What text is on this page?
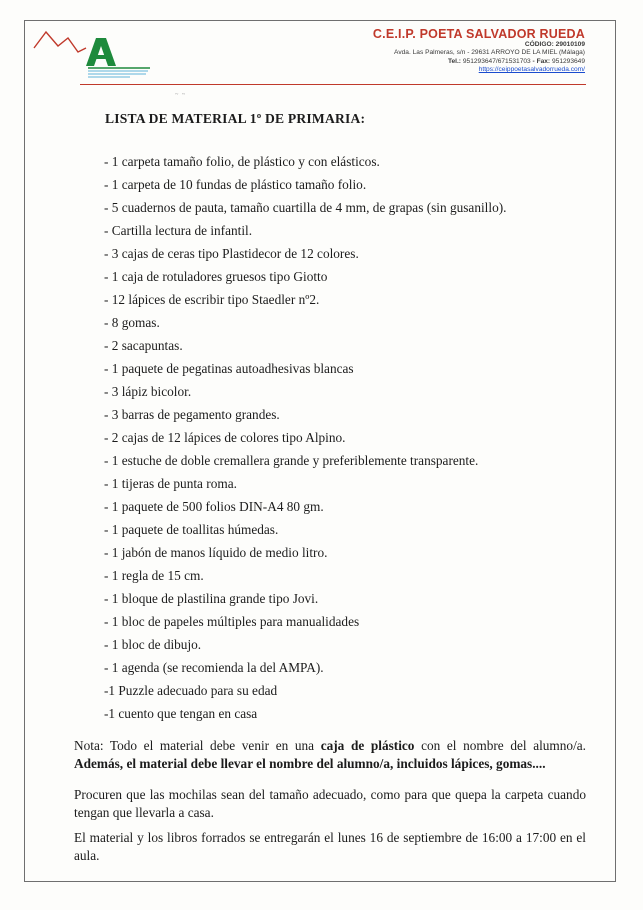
C.E.I.P. POETA SALVADOR RUEDA
CÓDIGO: 29010109
Avda. Las Palmeras, s/n - 29631 ARROYO DE LA MIEL (Málaga)
Tel.: 951293647/671531703 - Fax: 951293649
https://ceippoetasalvadorrueda.com/
~ ~
LISTA DE MATERIAL 1º DE PRIMARIA:
- 1 carpeta tamaño folio, de plástico y con elásticos.
- 1 carpeta de 10 fundas de plástico tamaño folio.
- 5 cuadernos de pauta, tamaño cuartilla de 4 mm, de grapas (sin gusanillo).
- Cartilla lectura de infantil.
- 3 cajas de ceras tipo Plastidecor de 12 colores.
- 1 caja de rotuladores gruesos tipo Giotto
- 12 lápices de escribir tipo Staedler nº2.
- 8 gomas.
- 2 sacapuntas.
- 1 paquete de pegatinas autoadhesivas blancas
- 3 lápiz bicolor.
- 3 barras de pegamento grandes.
- 2 cajas de 12 lápices de colores tipo Alpino.
- 1 estuche de doble cremallera grande y preferiblemente transparente.
- 1 tijeras de punta roma.
- 1 paquete de 500 folios DIN-A4 80 gm.
- 1 paquete de toallitas húmedas.
- 1 jabón de manos líquido de medio litro.
- 1 regla de 15 cm.
- 1 bloque de plastilina grande tipo Jovi.
- 1 bloc de papeles múltiples para manualidades
- 1 bloc de dibujo.
- 1 agenda (se recomienda la del AMPA).
-1 Puzzle adecuado para su edad
-1 cuento que tengan en casa

Nota: Todo el material debe venir en una caja de plástico con el nombre del alumno/a. Además, el material debe llevar el nombre del alumno/a, incluidos lápices, gomas....

Procuren que las mochilas sean del tamaño adecuado, como para que quepa la carpeta cuando tengan que llevarla a casa.

El material y los libros forrados se entregarán el lunes 16 de septiembre de 16:00 a 17:00 en el aula.
